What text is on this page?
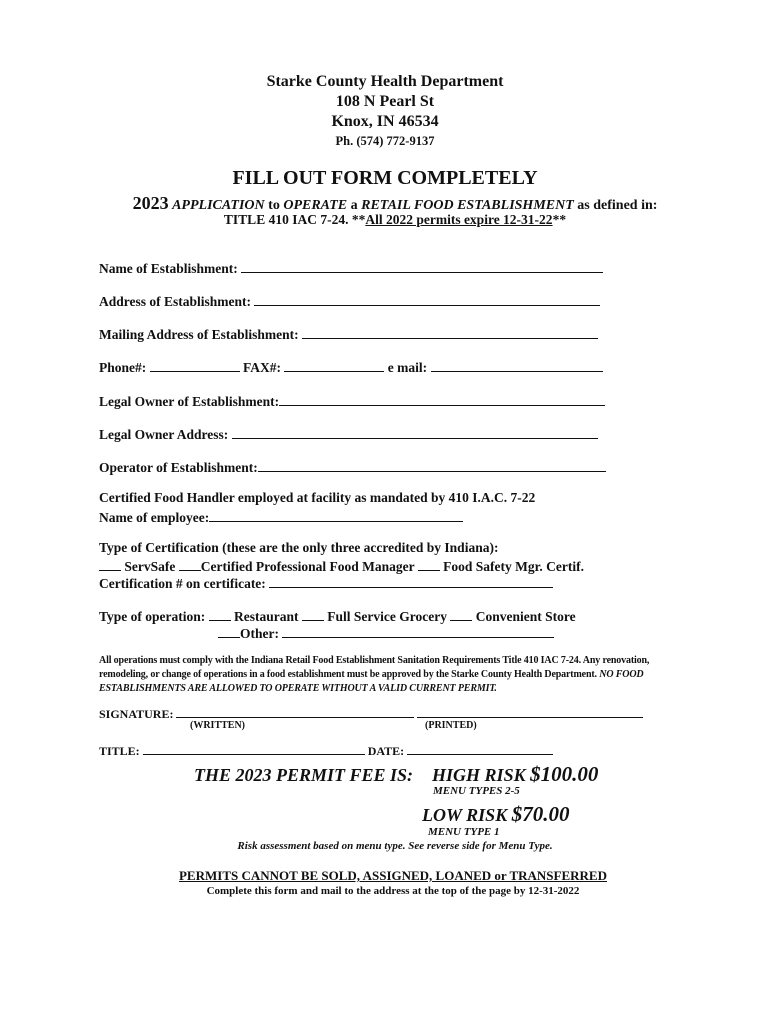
Starke County Health Department
108 N Pearl St
Knox, IN 46534
Ph. (574) 772-9137
FILL OUT FORM COMPLETELY
2023 APPLICATION to OPERATE a RETAIL FOOD ESTABLISHMENT as defined in:
TITLE 410 IAC 7-24. **All 2022 permits expire 12-31-22**
Name of Establishment:
Address of Establishment:
Mailing Address of Establishment:
Phone#:	FAX#:	e mail:
Legal Owner of Establishment:
Legal Owner Address:
Operator of Establishment:
Certified Food Handler employed at facility as mandated by 410 I.A.C. 7-22
Name of employee:
Type of Certification (these are the only three accredited by Indiana):
ServSafe Certified Professional Food Manager Food Safety Mgr. Certif.
Certification # on certificate:
Type of operation: Restaurant Full Service Grocery Convenient Store
Other:
All operations must comply with the Indiana Retail Food Establishment Sanitation Requirements Title 410 IAC 7-24. Any renovation, remodeling, or change of operations in a food establishment must be approved by the Starke County Health Department. NO FOOD ESTABLISHMENTS ARE ALLOWED TO OPERATE WITHOUT A VALID CURRENT PERMIT.
SIGNATURE:
(WRITTEN)	(PRINTED)
TITLE:	DATE:
THE 2023 PERMIT FEE IS: HIGH RISK $100.00
MENU TYPES 2-5
LOW RISK $70.00
MENU TYPE 1
Risk assessment based on menu type. See reverse side for Menu Type.
PERMITS CANNOT BE SOLD, ASSIGNED, LOANED or TRANSFERRED
Complete this form and mail to the address at the top of the page by 12-31-2022
